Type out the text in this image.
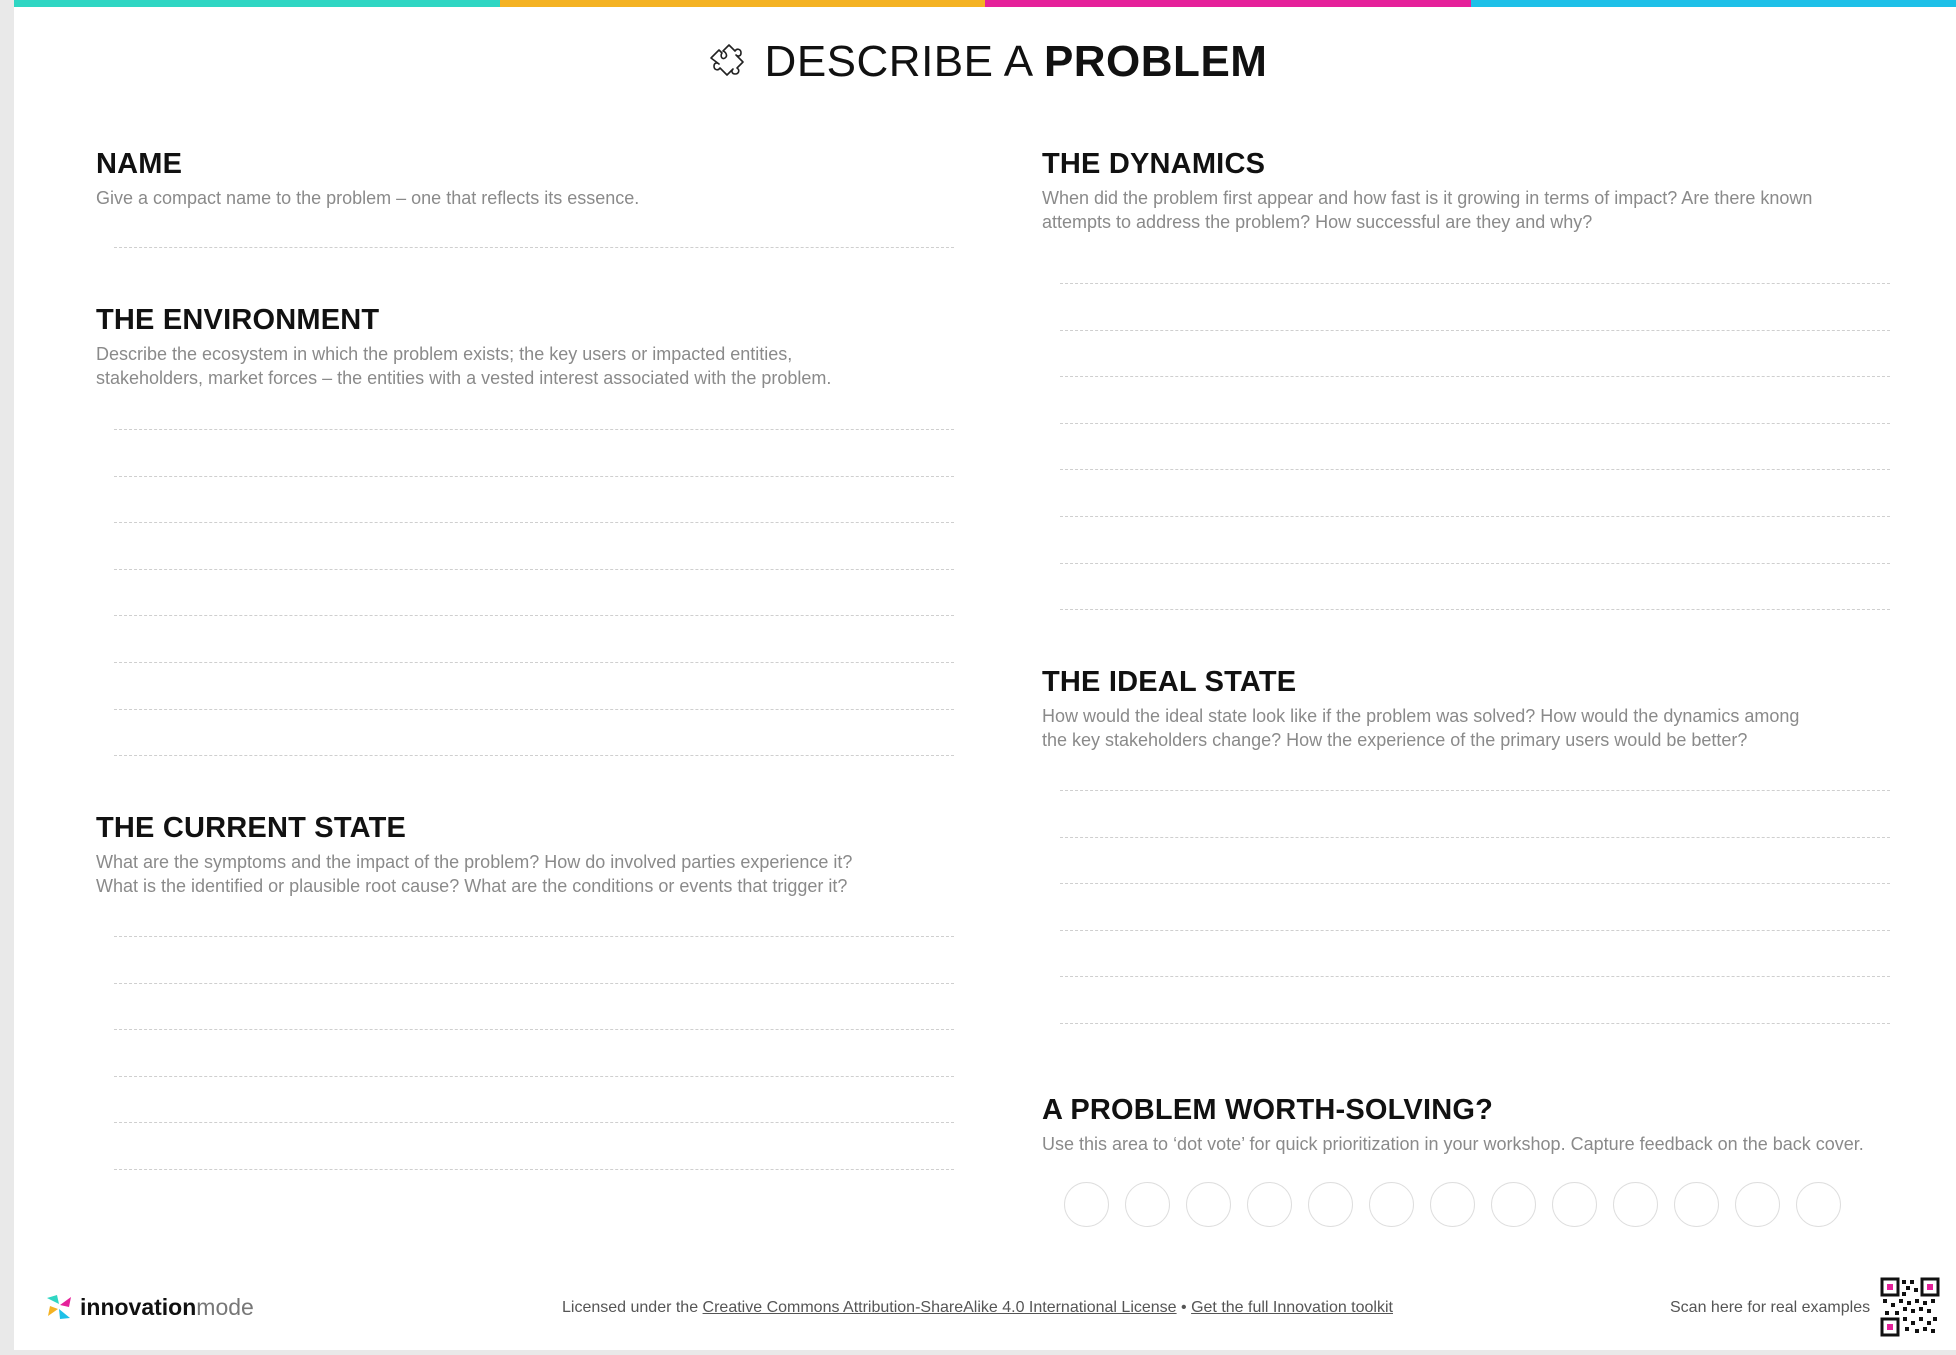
DESCRIBE A PROBLEM
NAME

Give a compact name to the problem – one that reflects its essence.

THE ENVIRONMENT

Describe the ecosystem in which the problem exists; the key users or impacted entities,
stakeholders, market forces – the entities with a vested interest associated with the problem.

THE CURRENT STATE

What are the symptoms and the impact of the problem? How do involved parties experience it?
What is the identified or plausible root cause? What are the conditions or events that trigger it?

THE DYNAMICS

When did the problem first appear and how fast is it growing in terms of impact? Are there known
attempts to address the problem? How successful are they and why?

THE IDEAL STATE

How would the ideal state look like if the problem was solved? How would the dynamics among
the key stakeholders change? How the experience of the primary users would be better?

A PROBLEM WORTH-SOLVING?

Use this area to ‘dot vote’ for quick prioritization in your workshop. Capture feedback on the back cover.

innovationmode	Licensed under the Creative Commons Attribution-ShareAlike 4.0 International License • Get the full Innovation toolkit	Scan here for real examples
